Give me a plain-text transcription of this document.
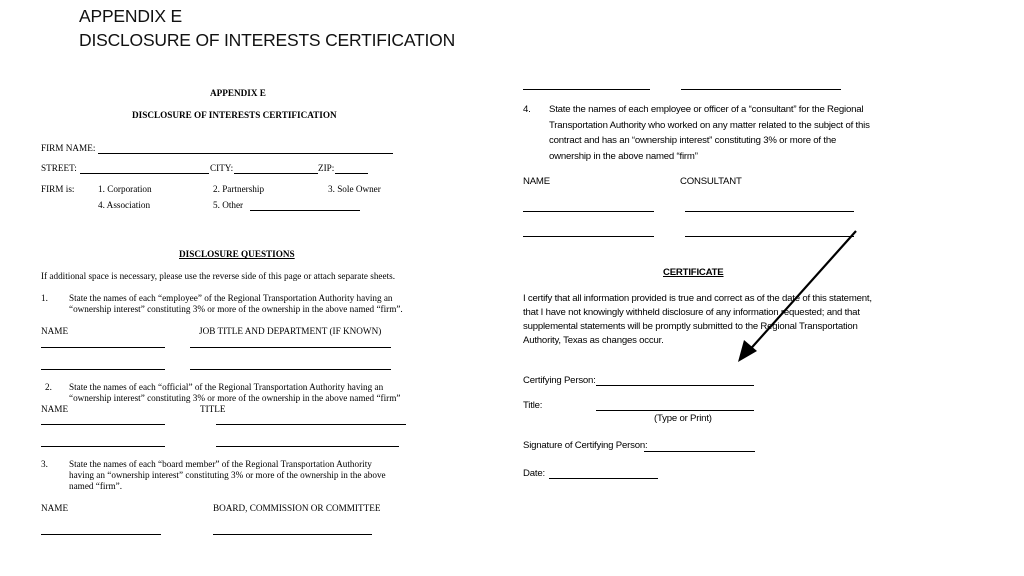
APPENDIX E
DISCLOSURE OF INTERESTS CERTIFICATION
APPENDIX E
DISCLOSURE OF INTERESTS CERTIFICATION
FIRM NAME:
STREET:	CITY:	ZIP:
FIRM is:	1. Corporation	2. Partnership	3. Sole Owner
4. Association	5. Other
DISCLOSURE QUESTIONS
If additional space is necessary, please use the reverse side of this page or attach separate sheets.
1. State the names of each “employee” of the Regional Transportation Authority having an
“ownership interest” constituting 3% or more of the ownership in the above named “firm”.
NAME	JOB TITLE AND DEPARTMENT (IF KNOWN)
2. State the names of each “official” of the Regional Transportation Authority having an
“ownership interest” constituting 3% or more of the ownership in the above named “firm”
NAME	TITLE
3. State the names of each “board member” of the Regional Transportation Authority
having an “ownership interest” constituting 3% or more of the ownership in the above
named “firm”.
NAME	BOARD, COMMISSION OR COMMITTEE
4. State the names of each employee or officer of a “consultant” for the Regional
Transportation Authority who worked on any matter related to the subject of this
contract and has an “ownership interest” constituting 3% or more of the
ownership in the above named “firm”
NAME	CONSULTANT
CERTIFICATE
I certify that all information provided is true and correct as of the date of this statement,
that I have not knowingly withheld disclosure of any information requested; and that
supplemental statements will be promptly submitted to the Regional Transportation
Authority, Texas as changes occur.
Certifying Person:
Title:
(Type or Print)
Signature of Certifying Person:
Date:
